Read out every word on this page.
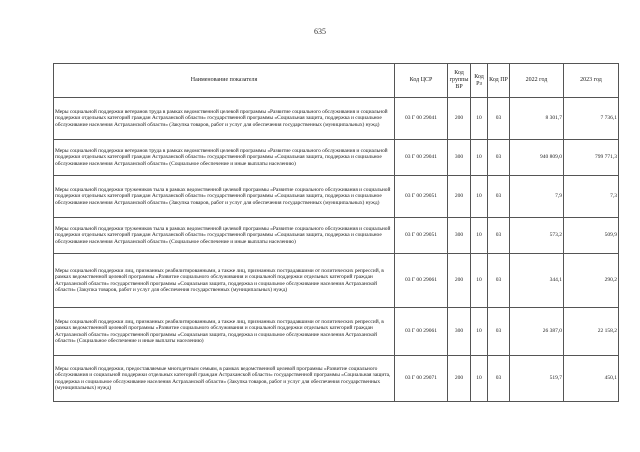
635
Наименование показателя	Код ЦСР	Код группы ВР	Код Рз	Код ПР	2022 год	2023 год
Меры социальной поддержки ветеранов труда в рамках ведомственной целевой программы «Развитие социального обслуживания и социальной поддержки отдельных категорий граждан Астраханской области» государственной программы «Социальная защита, поддержка и социальное обслуживание населения Астраханской области» (Закупка товаров, работ и услуг для обеспечения государственных (муниципальных) нужд)	03 Г 00 29041	200	10	03	8 301,7	7 736,1
Меры социальной поддержки ветеранов труда в рамках ведомственной целевой программы «Развитие социального обслуживания и социальной поддержки отдельных категорий граждан Астраханской области» государственной программы «Социальная защита, поддержка и социальное обслуживание населения Астраханской области» (Социальное обеспечение и иные выплаты населению)	03 Г 00 29041	300	10	03	940 809,0	799 771,3
Меры социальной поддержки тружеников тыла в рамках ведомственной целевой программы «Развитие социального обслуживания и социальной поддержки отдельных категорий граждан Астраханской области» государственной программы «Социальная защита, поддержка и социальное обслуживание населения Астраханской области» (Закупка товаров, работ и услуг для обеспечения государственных (муниципальных) нужд)	03 Г 00 29051	200	10	03	7,9	7,3
Меры социальной поддержки тружеников тыла в рамках ведомственной целевой программы «Развитие социального обслуживания и социальной поддержки отдельных категорий граждан Астраханской области» государственной программы «Социальная защита, поддержка и социальное обслуживание населения Астраханской области» (Социальное обеспечение и иные выплаты населению)	03 Г 00 29051	300	10	03	573,2	509,9
Меры социальной поддержки лиц, признанных реабилитированными, а также лиц, признанных пострадавшими от политических репрессий, в рамках ведомственной целевой программы «Развитие социального обслуживания и социальной поддержки отдельных категорий граждан Астраханской области» государственной программы «Социальная защита, поддержка и социальное обслуживание населения Астраханской области» (Закупка товаров, работ и услуг для обеспечения государственных (муниципальных) нужд)	03 Г 00 29061	200	10	03	344,1	290,2
Меры социальной поддержки лиц, признанных реабилитированными, а также лиц, признанных пострадавшими от политических репрессий, в рамках ведомственной целевой программы «Развитие социального обслуживания и социальной поддержки отдельных категорий граждан Астраханской области» государственной программы «Социальная защита, поддержка и социальное обслуживание населения Астраханской области» (Социальное обеспечение и иные выплаты населению)	03 Г 00 29061	300	10	03	26 387,0	22 158,2
Меры социальной поддержки, предоставляемые многодетным семьям, в рамках ведомственной целевой программы «Развитие социального обслуживания и социальной поддержки отдельных категорий граждан Астраханской области» государственной программы «Социальная защита, поддержка и социальное обслуживание населения Астраханской области» (Закупка товаров, работ и услуг для обеспечения государственных (муниципальных) нужд)	03 Г 00 29071	200	10	03	519,7	450,1
